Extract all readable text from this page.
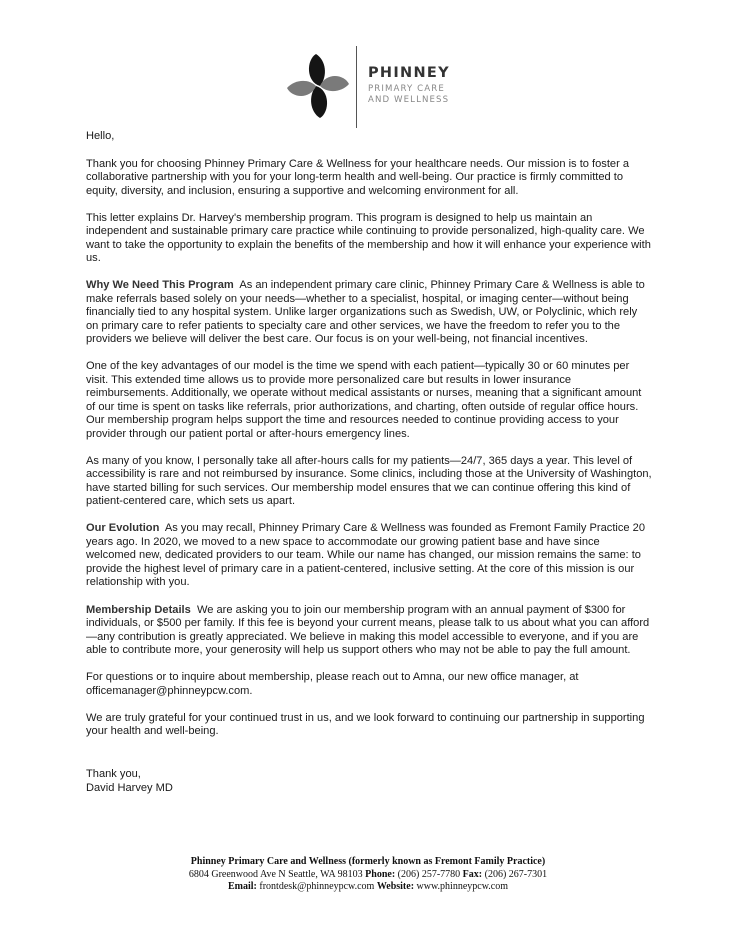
PHINNEY
PRIMARY CARE
AND WELLNESS

Hello,

Thank you for choosing Phinney Primary Care & Wellness for your healthcare needs. Our mission is to foster a collaborative partnership with you for your long-term health and well-being. Our practice is firmly committed to equity, diversity, and inclusion, ensuring a supportive and welcoming environment for all.

This letter explains Dr. Harvey's membership program. This program is designed to help us maintain an independent and sustainable primary care practice while continuing to provide personalized, high-quality care. We want to take the opportunity to explain the benefits of the membership and how it will enhance your experience with us.

Why We Need This Program As an independent primary care clinic, Phinney Primary Care & Wellness is able to make referrals based solely on your needs—whether to a specialist, hospital, or imaging center—without being financially tied to any hospital system. Unlike larger organizations such as Swedish, UW, or Polyclinic, which rely on primary care to refer patients to specialty care and other services, we have the freedom to refer you to the providers we believe will deliver the best care. Our focus is on your well-being, not financial incentives.

One of the key advantages of our model is the time we spend with each patient—typically 30 or 60 minutes per visit. This extended time allows us to provide more personalized care but results in lower insurance reimbursements. Additionally, we operate without medical assistants or nurses, meaning that a significant amount of our time is spent on tasks like referrals, prior authorizations, and charting, often outside of regular office hours. Our membership program helps support the time and resources needed to continue providing access to your provider through our patient portal or after-hours emergency lines.

As many of you know, I personally take all after-hours calls for my patients—24/7, 365 days a year. This level of accessibility is rare and not reimbursed by insurance. Some clinics, including those at the University of Washington, have started billing for such services. Our membership model ensures that we can continue offering this kind of patient-centered care, which sets us apart.

Our Evolution As you may recall, Phinney Primary Care & Wellness was founded as Fremont Family Practice 20 years ago. In 2020, we moved to a new space to accommodate our growing patient base and have since welcomed new, dedicated providers to our team. While our name has changed, our mission remains the same: to provide the highest level of primary care in a patient-centered, inclusive setting. At the core of this mission is our relationship with you.

Membership Details We are asking you to join our membership program with an annual payment of $300 for individuals, or $500 per family. If this fee is beyond your current means, please talk to us about what you can afford—any contribution is greatly appreciated. We believe in making this model accessible to everyone, and if you are able to contribute more, your generosity will help us support others who may not be able to pay the full amount.

For questions or to inquire about membership, please reach out to Amna, our new office manager, at officemanager@phinneypcw.com.

We are truly grateful for your continued trust in us, and we look forward to continuing our partnership in supporting your health and well-being.

Thank you,
David Harvey MD
Phinney Primary Care and Wellness (formerly known as Fremont Family Practice)
6804 Greenwood Ave N Seattle, WA 98103 Phone: (206) 257-7780 Fax: (206) 267-7301
Email: frontdesk@phinneypcw.com Website: www.phinneypcw.com
